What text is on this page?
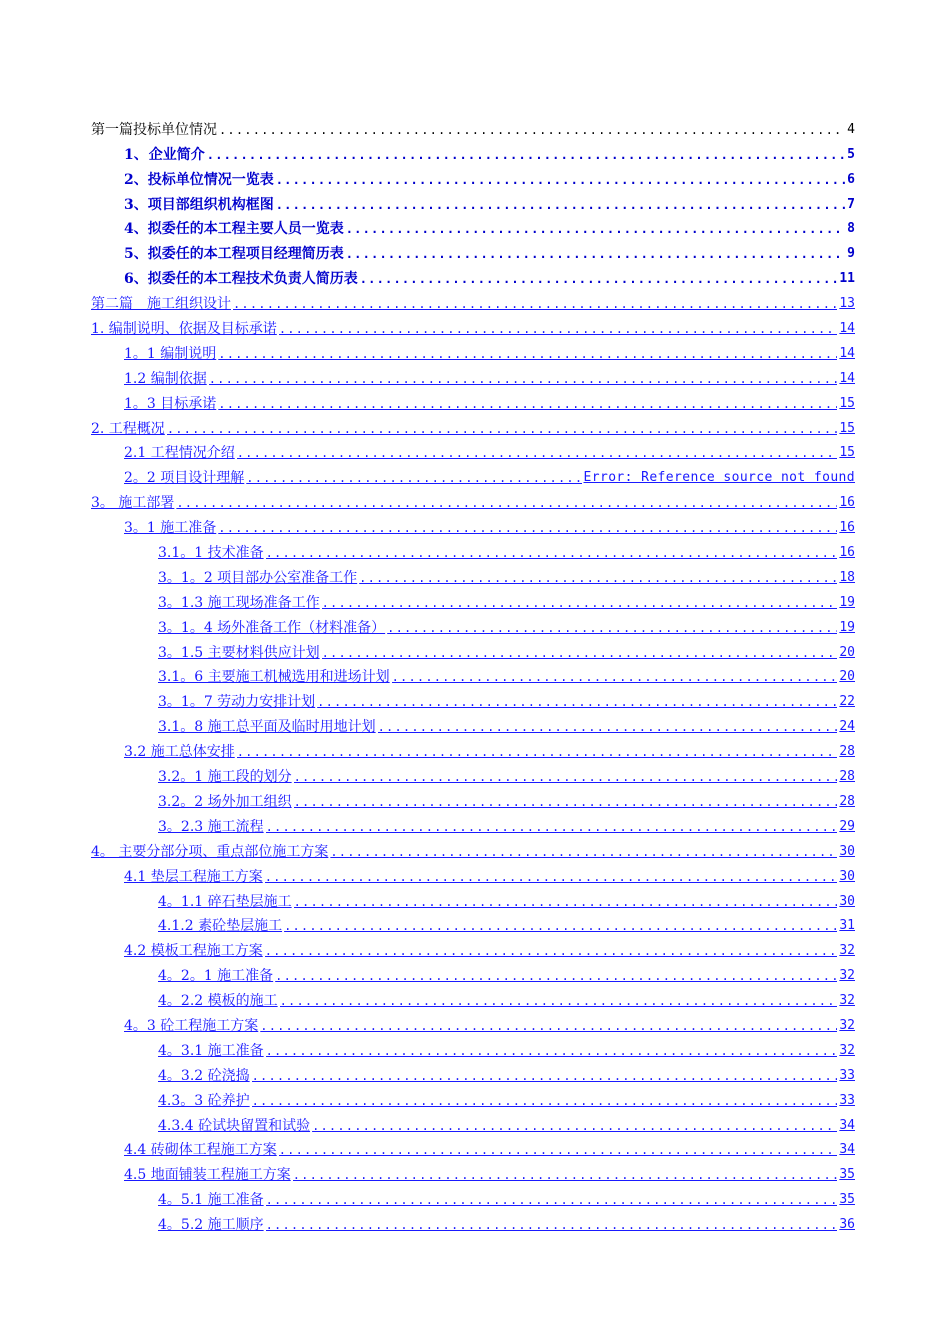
第一篇 投标单位情况 .....	4
1、 企业简介 .....	5
2、 投标单位情况一览表 .....	6
3、 项目部组织机构框图 .....	7
4、 拟委任的本工程主要人员一览表 .....	8
5、 拟委任的本工程项目经理简历表 .....	9
6、 拟委任的本工程技术负责人简历表 .....	11
第二篇　施工组织设计 .....	13
1. 编制说明、依据及目标承诺 .....	14
1。1 编制说明 .....	14
1.2 编制依据 .....	14
1。3 目标承诺 .....	15
2. 工程概况 .....	15
2.1 工程情况介绍 .....	15
2。2 项目设计理解 .....	Error: Reference source not found
3。 施工部署 .....	16
3。1 施工准备 .....	16
3.1。1 技术准备 .....	16
3。1。2 项目部办公室准备工作 .....	18
3。1.3 施工现场准备工作 .....	19
3。1。4 场外准备工作（材料准备） .....	19
3。1.5 主要材料供应计划 .....	20
3.1。6 主要施工机械选用和进场计划 .....	20
3。1。7 劳动力安排计划 .....	22
3.1。8 施工总平面及临时用地计划 .....	24
3.2 施工总体安排 .....	28
3.2。1 施工段的划分 .....	28
3.2。2 场外加工组织 .....	28
3。2.3 施工流程 .....	29
4。 主要分部分项、重点部位施工方案 .....	30
4.1 垫层工程施工方案 .....	30
4。1.1 碎石垫层施工 .....	30
4.1.2 素砼垫层施工 .....	31
4.2 模板工程施工方案 .....	32
4。2。1 施工准备 .....	32
4。2.2 模板的施工 .....	32
4。3 砼工程施工方案 .....	32
4。3.1 施工准备 .....	32
4。3.2 砼浇捣 .....	33
4.3。3 砼养护 .....	33
4.3.4 砼试块留置和试验 .....	34
4.4 砖砌体工程施工方案 .....	34
4.5 地面铺装工程施工方案 .....	35
4。5.1 施工准备 .....	35
4。5.2 施工顺序 .....	36
